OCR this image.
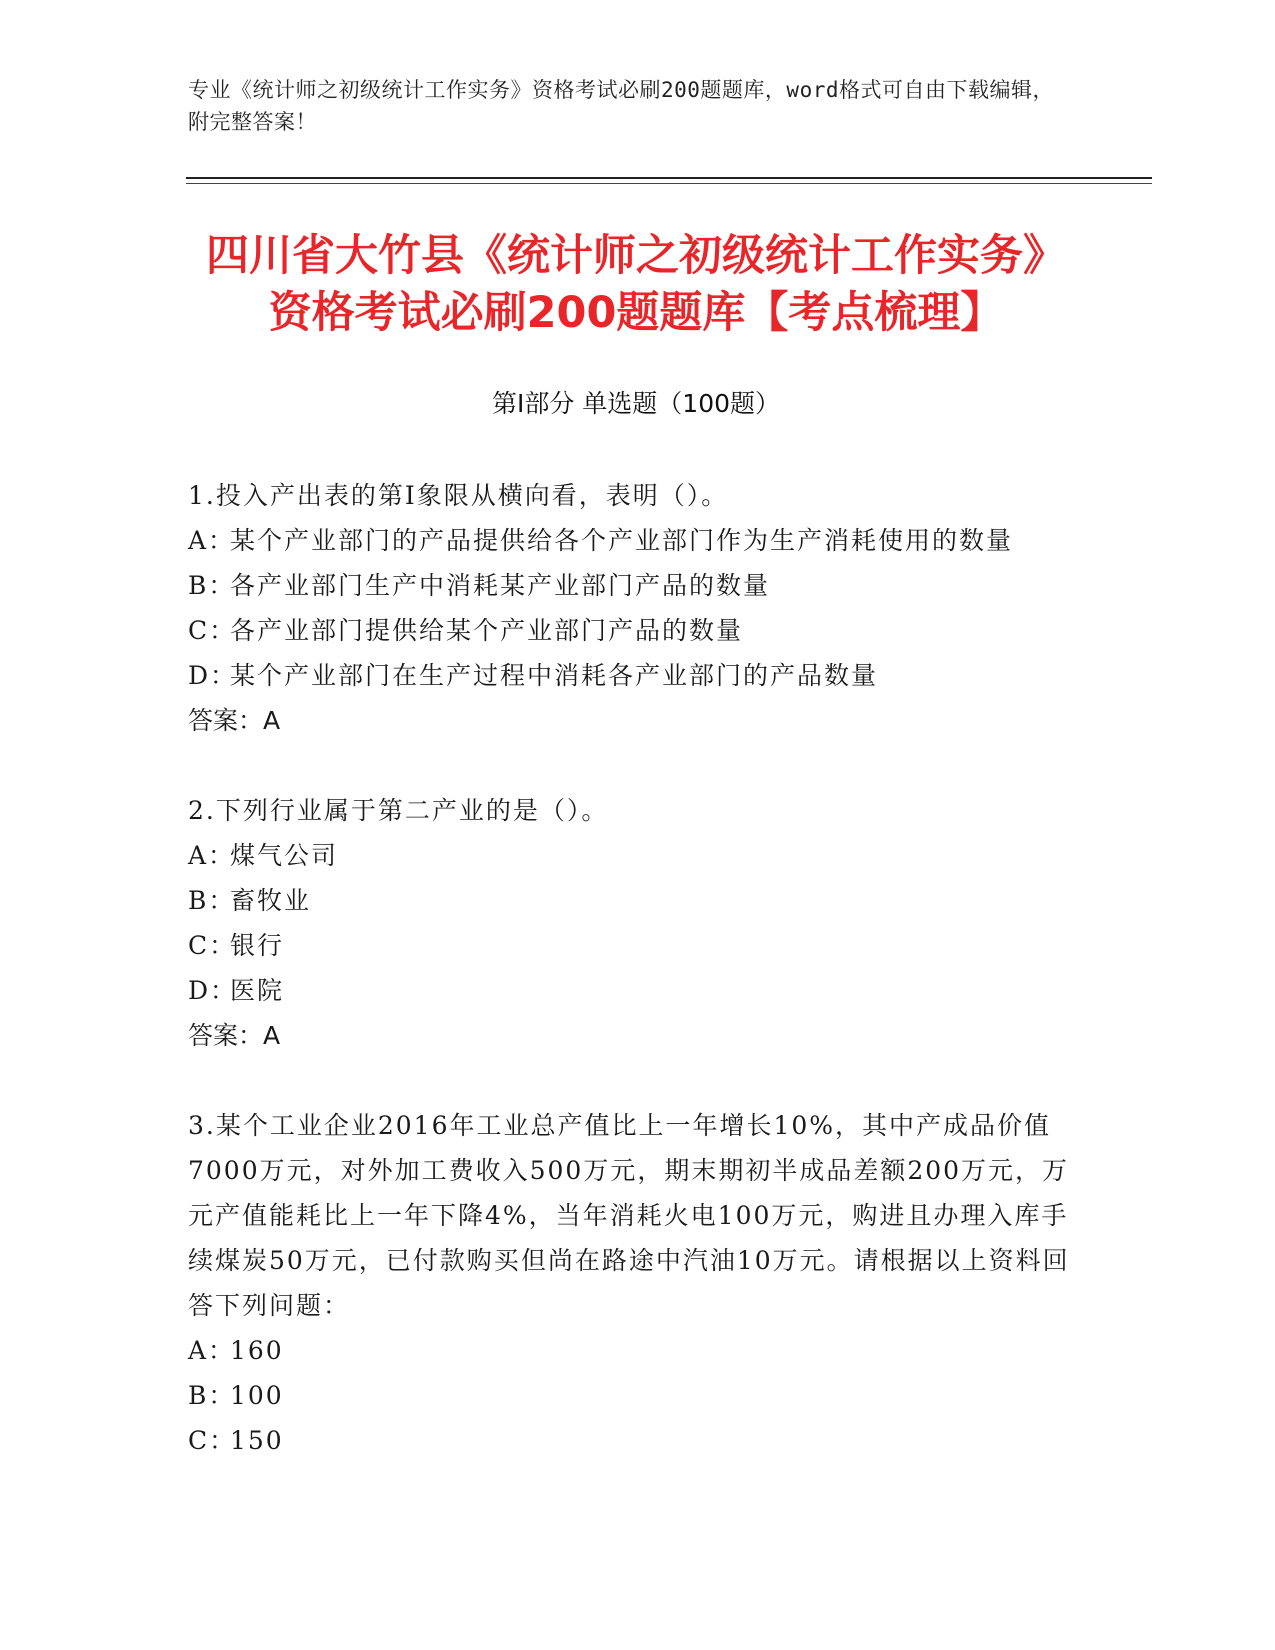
专业《统计师之初级统计工作实务》资格考试必刷200题题库，word格式可自由下载编辑，附完整答案！
四川省大竹县《统计师之初级统计工作实务》资格考试必刷200题题库【考点梳理】
第I部分 单选题（100题）
1.投入产出表的第Ⅰ象限从横向看，表明（）。
A：某个产业部门的产品提供给各个产业部门作为生产消耗使用的数量
B：各产业部门生产中消耗某产业部门产品的数量
C：各产业部门提供给某个产业部门产品的数量
D：某个产业部门在生产过程中消耗各产业部门的产品数量
答案：A
2.下列行业属于第二产业的是（）。
A：煤气公司
B：畜牧业
C：银行
D：医院
答案：A
3.某个工业企业2016年工业总产值比上一年增长10%，其中产成品价值7000万元，对外加工费收入500万元，期末期初半成品差额200万元，万元产值能耗比上一年下降4%，当年消耗火电100万元，购进且办理入库手续煤炭50万元，已付款购买但尚在路途中汽油10万元。请根据以上资料回答下列问题：
A：160
B：100
C：150
